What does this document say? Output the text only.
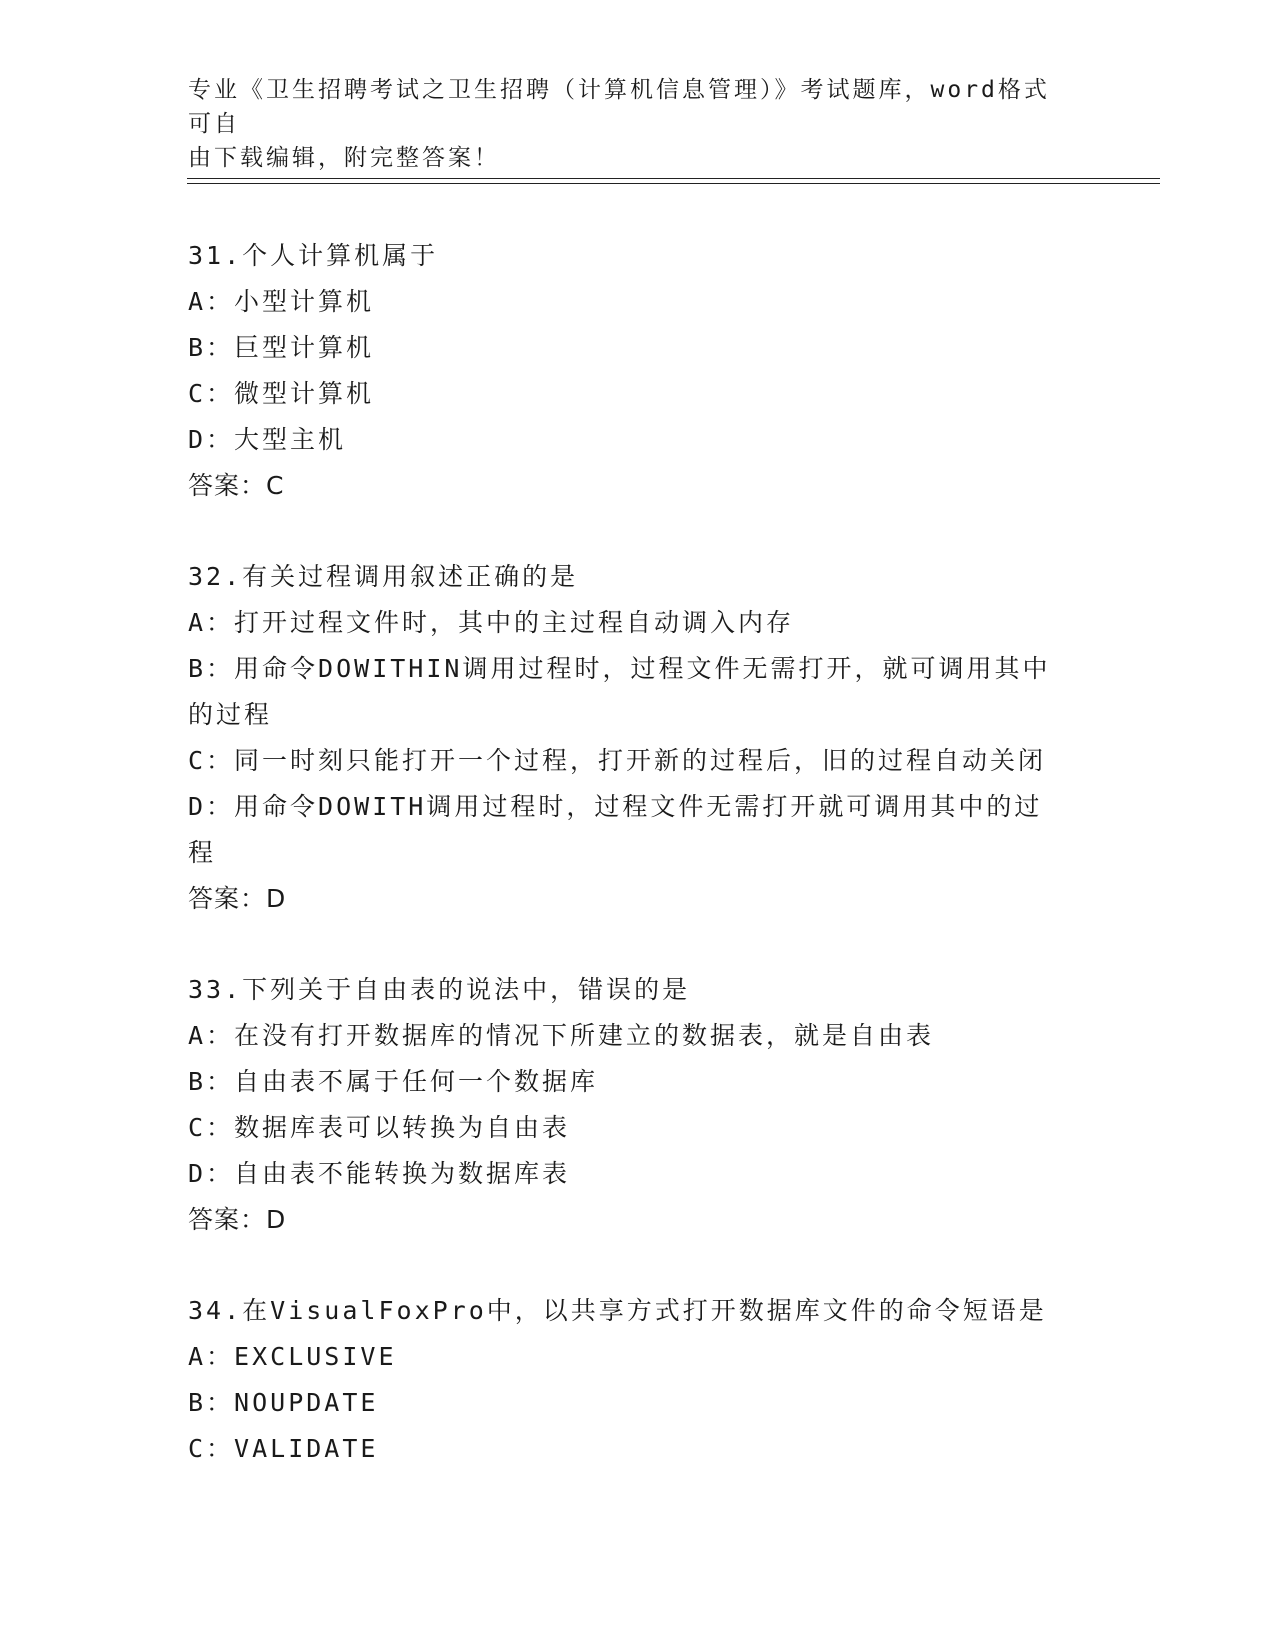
专业《卫生招聘考试之卫生招聘（计算机信息管理）》考试题库，word格式可自
由下载编辑，附完整答案！
31.个人计算机属于
A：小型计算机
B：巨型计算机
C：微型计算机
D：大型主机
答案：C
32.有关过程调用叙述正确的是
A：打开过程文件时，其中的主过程自动调入内存
B：用命令DOWITHIN调用过程时，过程文件无需打开，就可调用其中
的过程
C：同一时刻只能打开一个过程，打开新的过程后，旧的过程自动关闭
D：用命令DOWITH调用过程时，过程文件无需打开就可调用其中的过
程
答案：D
33.下列关于自由表的说法中，错误的是
A：在没有打开数据库的情况下所建立的数据表，就是自由表
B：自由表不属于任何一个数据库
C：数据库表可以转换为自由表
D：自由表不能转换为数据库表
答案：D
34.在VisualFoxPro中，以共享方式打开数据库文件的命令短语是
A：EXCLUSIVE
B：NOUPDATE
C：VALIDATE
